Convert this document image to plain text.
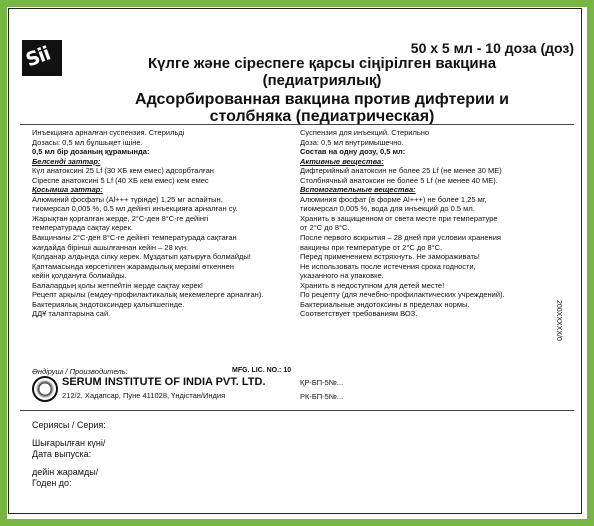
Sii	50 x 5 мл - 10 доза (доз)
Күлге және сіреспеге қарсы сіңірілген вакцина
(педиатриялық)
Адсорбированная вакцина против дифтерии и
столбняка (педиатрическая)
Инъекцияға арналған суспензия. Стерильді
Дозасы: 0,5 мл бұлшықет ішіне.
0,5 мл бір дозаның құрамында:
Белсенді заттар:
Күл анатоксині 25 Lf (30 ХБ кем емес) адсорбталған
Сіреспе анатоксині 5 Lf (40 ХБ кем емес) кем емес
Қосымша заттар:
Алюминий фосфаты (Al+++ түрінде) 1,25 мг аспайтын,
тиомерсал 0,005 %, 0.5 мл дейінгі инъекцияға арналған су.
Жарықтан қорғалған жерде, 2°С-ден 8°С-ге дейінгі
температурада сақтау керек.
Вакцинаны 2°С-ден 8°С-ге дейінгі температурада сақтаған
жағдайда бірінші ашылғаннан кейін – 28 күн.
Қолданар алдында сілку керек. Мұздатып қатыруға болмайды!
Қаптамасында көрсетілген жарамдылық мерзімі өткеннен
кейін қолдануға болмайды.
Балалардың қолы жетпейтін жерде сақтау керек!
Рецепт арқылы (емдеу-профилактикалық мекемелерге арналған).
Бактериялық эндотоксиндер қалыпшегінде.
ДДҰ талаптарына сай.
Суспензия для инъекций. Стерильно
Доза: 0,5 мл внутримышечно.
Состав на одну дозу, 0,5 мл:
Активные вещества:
Дифтерийный анатоксин не более 25 Lf (не менее 30 МЕ)
Столбнячный анатоксин не более 5 Lf (не менее 40 МЕ).
Вспомогательные вещества:
Алюминия фосфат (в форме Al+++) не более 1,25 мг,
тиомерсал 0,005 %, вода для инъекций до 0.5 мл.
Хранить в защищенном от света месте при температуре
от 2°С до 8°С.
После первого вскрытия – 28 дней при условии хранения
вакцины при температуре от 2°С до 8°С.
Перед применением встряхнуть. Не замораживать!
Не использовать после истечения срока годности,
указанного на упаковке.
Хранить в недоступном для детей месте!
По рецепту (для лечебно-профилактических учреждений).
Бактериальные эндотоксины в пределах нормы.
Соответствует требованиям ВОЗ.	200XXXXX/0
Өндіруші / Производитель:	MFG. LIC. NO.: 10
SERUM INSTITUTE OF INDIA PVT. LTD.
212/2, Хадапсар, Пуне 411028, Үндістан/Индия
ҚР-БП-5№...
РК-БП-5№...
Сериясы / Серия:
Шығарылған күні/
Дата выпуска:
дейін жарамды/
Годен до:
